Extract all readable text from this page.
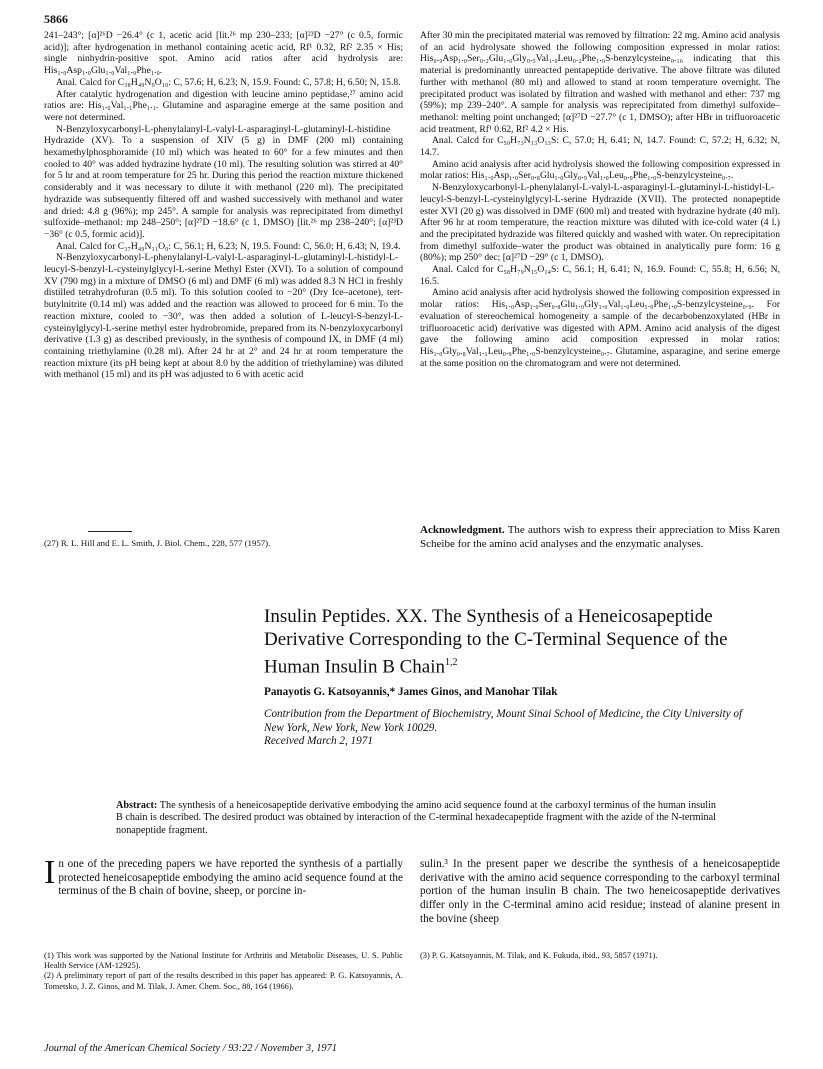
5866

241–243°; [α]²⁶D −26.4° (c 1, acetic acid [lit.²⁶ mp 230–233; [α]²³D −27° (c 0.5, formic acid)]; after hydrogenation in methanol containing acetic acid, Rf¹ 0.32, Rf² 2.35 × His; single ninhydrin-positive spot. Amino acid ratios after acid hydrolysis are: His₁.₀Asp₁.₀Glu₁.₀Val₁.₀Phe₁.₀.

Anal. Calcd for C₃₈H₄₉N₉O₁₀: C, 57.6; H, 6.23; N, 15.9. Found: C, 57.8; H, 6.50; N, 15.8.

After catalytic hydrogenation and digestion with leucine amino peptidase,²⁷ amino acid ratios are: His₁.₀Val₁.₁Phe₁.₁. Glutamine and asparagine emerge at the same position and were not determined.

N-Benzyloxycarbonyl-L-phenylalanyl-L-valyl-L-asparaginyl-L-glutaminyl-L-histidine Hydrazide (XV). To a suspension of XIV (5 g) in DMF (200 ml) containing hexamethylphosphoramide (10 ml) which was heated to 60° for a few minutes and then cooled to 40° was added hydrazine hydrate (10 ml). The resulting solution was stirred at 40° for 5 hr and at room temperature for 25 hr. During this period the reaction mixture thickened considerably and it was necessary to dilute it with methanol (220 ml). The precipitated hydrazide was subsequently filtered off and washed successively with methanol and water and dried: 4.8 g (96%); mp 245°. A sample for analysis was reprecipitated from dimethyl sulfoxide–methanol: mp 248–250°; [α]²⁷D −18.6° (c 1, DMSO) [lit.²⁶ mp 238–240°; [α]²³D −36° (c 0.5, formic acid)].

Anal. Calcd for C₃₇H₄₉N₁₁O₉: C, 56.1; H, 6.23; N, 19.5. Found: C, 56.0; H, 6.43; N, 19.4.

N-Benzyloxycarbonyl-L-phenylalanyl-L-valyl-L-asparaginyl-L-glutaminyl-L-histidyl-L-leucyl-S-benzyl-L-cysteinylglycyl-L-serine Methyl Ester (XVI). To a solution of compound XV (790 mg) in a mixture of DMSO (6 ml) and DMF (6 ml) was added 8.3 N HCl in freshly distilled tetrahydrofuran (0.5 ml). To this solution cooled to −20° (Dry Ice–acetone), tert-butylnitrite (0.14 ml) was added and the reaction was allowed to proceed for 6 min. To the reaction mixture, cooled to −30°, was then added a solution of L-leucyl-S-benzyl-L-cysteinylglycyl-L-serine methyl ester hydrobromide, prepared from its N-benzyloxycarbonyl derivative (1.3 g) as described previously, in the synthesis of compound IX, in DMF (4 ml) containing triethylamine (0.28 ml). After 24 hr at 2° and 24 hr at room temperature the reaction mixture (its pH being kept at about 8.0 by the addition of triethylamine) was diluted with methanol (15 ml) and its pH was adjusted to 6 with acetic acid

(27) R. L. Hill and E. L. Smith, J. Biol. Chem., 228, 577 (1957).

After 30 min the precipitated material was removed by filtration: 22 mg. Amino acid analysis of an acid hydrolysate showed the following composition expressed in molar ratios: His₀.₉Asp₁.₀Ser₀.₂Glu₁.₀Gly₀.₅Val₁.₀Leu₀.₂Phe₁.₀S-benzylcysteine₀.₁₆ indicating that this material is predominantly unreacted pentapeptide derivative. The above filtrate was diluted further with methanol (80 ml) and allowed to stand at room temperature overnight. The precipitated product was isolated by filtration and washed with methanol and ether: 737 mg (59%); mp 239–240°. A sample for analysis was reprecipitated from dimethyl sulfoxide–methanol: melting point unchanged; [α]²⁷D −27.7° (c 1, DMSO); after HBr in trifluoroacetic acid treatment, Rf¹ 0.62, Rf² 4.2 × His.

Anal. Calcd for C₅₀H₇₃N₁₃O₁₃S: C, 57.0; H, 6.41; N, 14.7. Found: C, 57.2; H, 6.32; N, 14.7.

Amino acid analysis after acid hydrolysis showed the following composition expressed in molar ratios: His₁.₀Asp₁.₀Ser₀.₈Glu₁.₀Gly₀.₉Val₁.₀Leu₀.₉Phe₁.₀S-benzylcysteine₀.₇.

N-Benzyloxycarbonyl-L-phenylalanyl-L-valyl-L-asparaginyl-L-glutaminyl-L-histidyl-L-leucyl-S-benzyl-L-cysteinylglycyl-L-serine Hydrazide (XVII). The protected nonapeptide ester XVI (20 g) was dissolved in DMF (600 ml) and treated with hydrazine hydrate (40 ml). After 96 hr at room temperature, the reaction mixture was diluted with ice-cold water (4 l.) and the precipitated hydrazide was filtered quickly and washed with water. On reprecipitation from dimethyl sulfoxide–water the product was obtained in analytically pure form: 16 g (80%); mp 250° dec; [α]²⁷D −29° (c 1, DMSO).

Anal. Calcd for C₅₈H₇₉N₁₅O₁₄S: C, 56.1; H, 6.41; N, 16.9. Found: C, 55.8; H, 6.56; N, 16.5.

Amino acid analysis after acid hydrolysis showed the following composition expressed in molar ratios: His₁.₀Asp₁.₀Ser₀.₈Glu₁.₀Gly₁.₀Val₁.₀Leu₁.₀Phe₁.₀S-benzylcysteine₀.₉. For evaluation of stereochemical homogeneity a sample of the decarbobenzoxylated (HBr in trifluoroacetic acid) derivative was digested with APM. Amino acid analysis of the digest gave the following amino acid composition expressed in molar ratios: His₁.₀Gly₀.₈Val₁.₁Leu₀.₉Phe₁.₀S-benzylcysteine₀.₇. Glutamine, asparagine, and serine emerge at the same position on the chromatogram and were not determined.

Acknowledgment. The authors wish to express their appreciation to Miss Karen Scheibe for the amino acid analyses and the enzymatic analyses.
Insulin Peptides. XX. The Synthesis of a Heneicosapeptide Derivative Corresponding to the C-Terminal Sequence of the Human Insulin B Chain$^{1,2}$
Panayotis G. Katsoyannis,* James Ginos, and Manohar Tilak
Contribution from the Department of Biochemistry, Mount Sinai School of Medicine, the City University of New York, New York, New York 10029.
Received March 2, 1971
Abstract: The synthesis of a heneicosapeptide derivative embodying the amino acid sequence found at the carboxyl terminus of the human insulin B chain is described. The desired product was obtained by interaction of the C-terminal hexadecapeptide fragment with the azide of the N-terminal nonapeptide fragment.
In one of the preceding papers we have reported the synthesis of a partially protected heneicosapeptide embodying the amino acid sequence found at the terminus of the B chain of bovine, sheep, or porcine in-
sulin.³ In the present paper we describe the synthesis of a heneicosapeptide derivative with the amino acid sequence corresponding to the carboxyl terminal portion of the human insulin B chain. The two heneicosapeptide derivatives differ only in the C-terminal amino acid residue; instead of alanine present in the bovine (sheep

(1) This work was supported by the National Institute for Arthritis and Metabolic Diseases, U. S. Public Health Service (AM-12925).

(2) A preliminary report of part of the results described in this paper has appeared: P. G. Katsoyannis, A. Tometsko, J. Z. Ginos, and M. Tilak, J. Amer. Chem. Soc., 88, 164 (1966).

(3) P. G. Katsoyannis, M. Tilak, and K. Fukuda, ibid., 93, 5857 (1971).

Journal of the American Chemical Society / 93:22 / November 3, 1971
